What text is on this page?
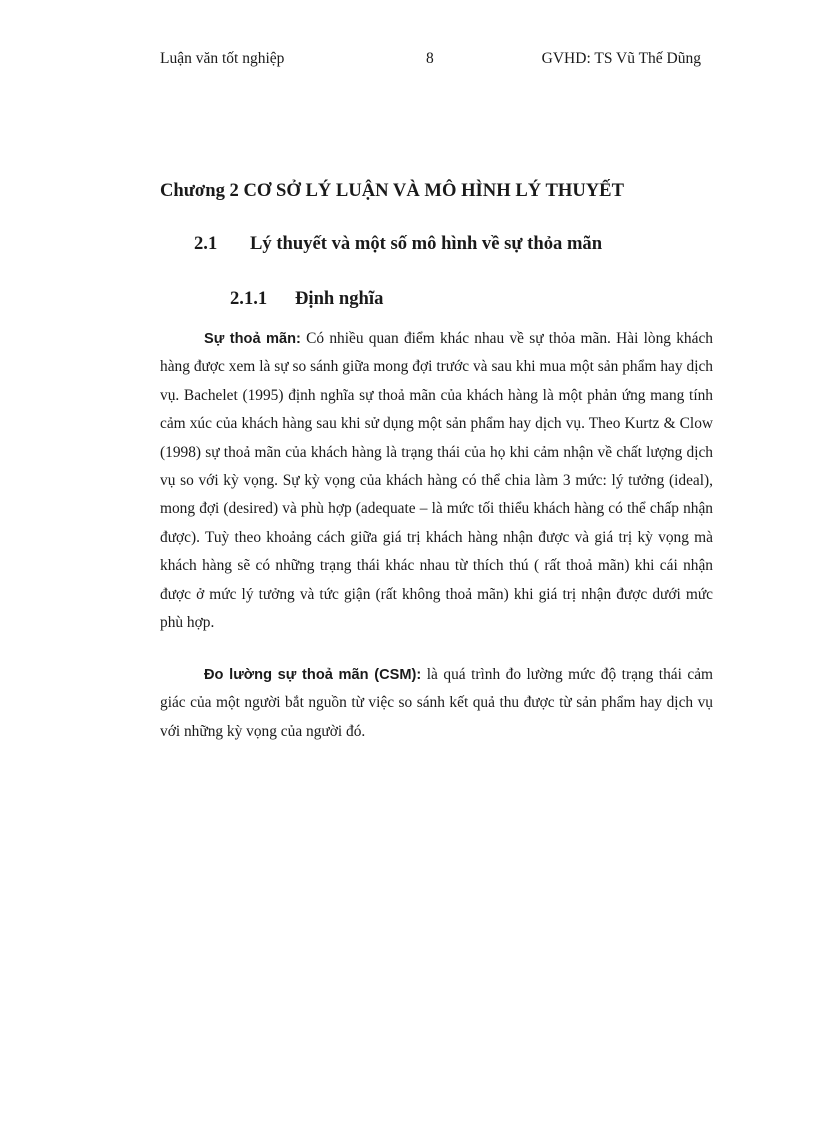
Luận văn tốt nghiệp	8	GVHD: TS Vũ Thế Dũng
Chương 2 CƠ SỞ LÝ LUẬN VÀ MÔ HÌNH LÝ THUYẾT
2.1 Lý thuyết và một số mô hình về sự thỏa mãn
2.1.1 Định nghĩa

Sự thoả mãn: Có nhiều quan điểm khác nhau về sự thỏa mãn. Hài lòng khách hàng được xem là sự so sánh giữa mong đợi trước và sau khi mua một sản phẩm hay dịch vụ. Bachelet (1995) định nghĩa sự thoả mãn của khách hàng là một phản ứng mang tính cảm xúc của khách hàng sau khi sử dụng một sản phẩm hay dịch vụ. Theo Kurtz & Clow (1998) sự thoả mãn của khách hàng là trạng thái của họ khi cảm nhận về chất lượng dịch vụ so với kỳ vọng. Sự kỳ vọng của khách hàng có thể chia làm 3 mức: lý tưởng (ideal), mong đợi (desired) và phù hợp (adequate – là mức tối thiểu khách hàng có thể chấp nhận được). Tuỳ theo khoảng cách giữa giá trị khách hàng nhận được và giá trị kỳ vọng mà khách hàng sẽ có những trạng thái khác nhau từ thích thú ( rất thoả mãn) khi cái nhận được ở mức lý tưởng và tức giận (rất không thoả mãn) khi giá trị nhận được dưới mức phù hợp.

Đo lường sự thoả mãn (CSM): là quá trình đo lường mức độ trạng thái cảm giác của một người bắt nguồn từ việc so sánh kết quả thu được từ sản phẩm hay dịch vụ với những kỳ vọng của người đó.
